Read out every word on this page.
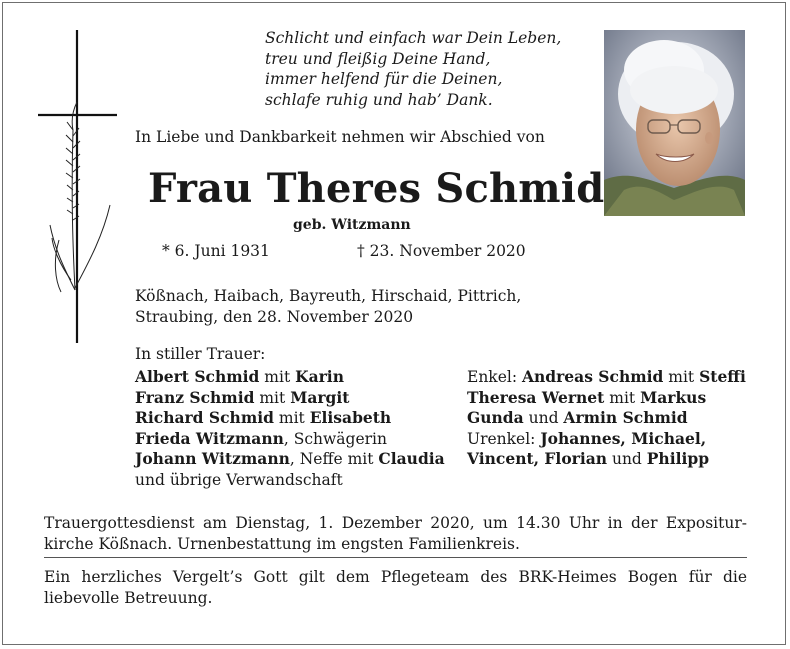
Schlicht und einfach war Dein Leben,
treu und fleißig Deine Hand,
immer helfend für die Deinen,
schlafe ruhig und hab’ Dank.
In Liebe und Dankbarkeit nehmen wir Abschied von
Frau Theres Schmid
geb. Witzmann
* 6. Juni 1931	† 23. November 2020
Kößnach, Haibach, Bayreuth, Hirschaid, Pittrich,
Straubing, den 28. November 2020
In stiller Trauer:
Albert Schmid mit Karin
Franz Schmid mit Margit
Richard Schmid mit Elisabeth
Frieda Witzmann, Schwägerin
Johann Witzmann, Neffe mit Claudia
und übrige Verwandschaft
Enkel: Andreas Schmid mit Steffi
Theresa Wernet mit Markus
Gunda und Armin Schmid
Urenkel: Johannes, Michael,
Vincent, Florian und Philipp
Trauergottesdienst am Dienstag, 1. Dezember 2020, um 14.30 Uhr in der Expositur-kirche Kößnach. Urnenbestattung im engsten Familienkreis.
Ein herzliches Vergelt’s Gott gilt dem Pflegeteam des BRK-Heimes Bogen für die liebevolle Betreuung.
